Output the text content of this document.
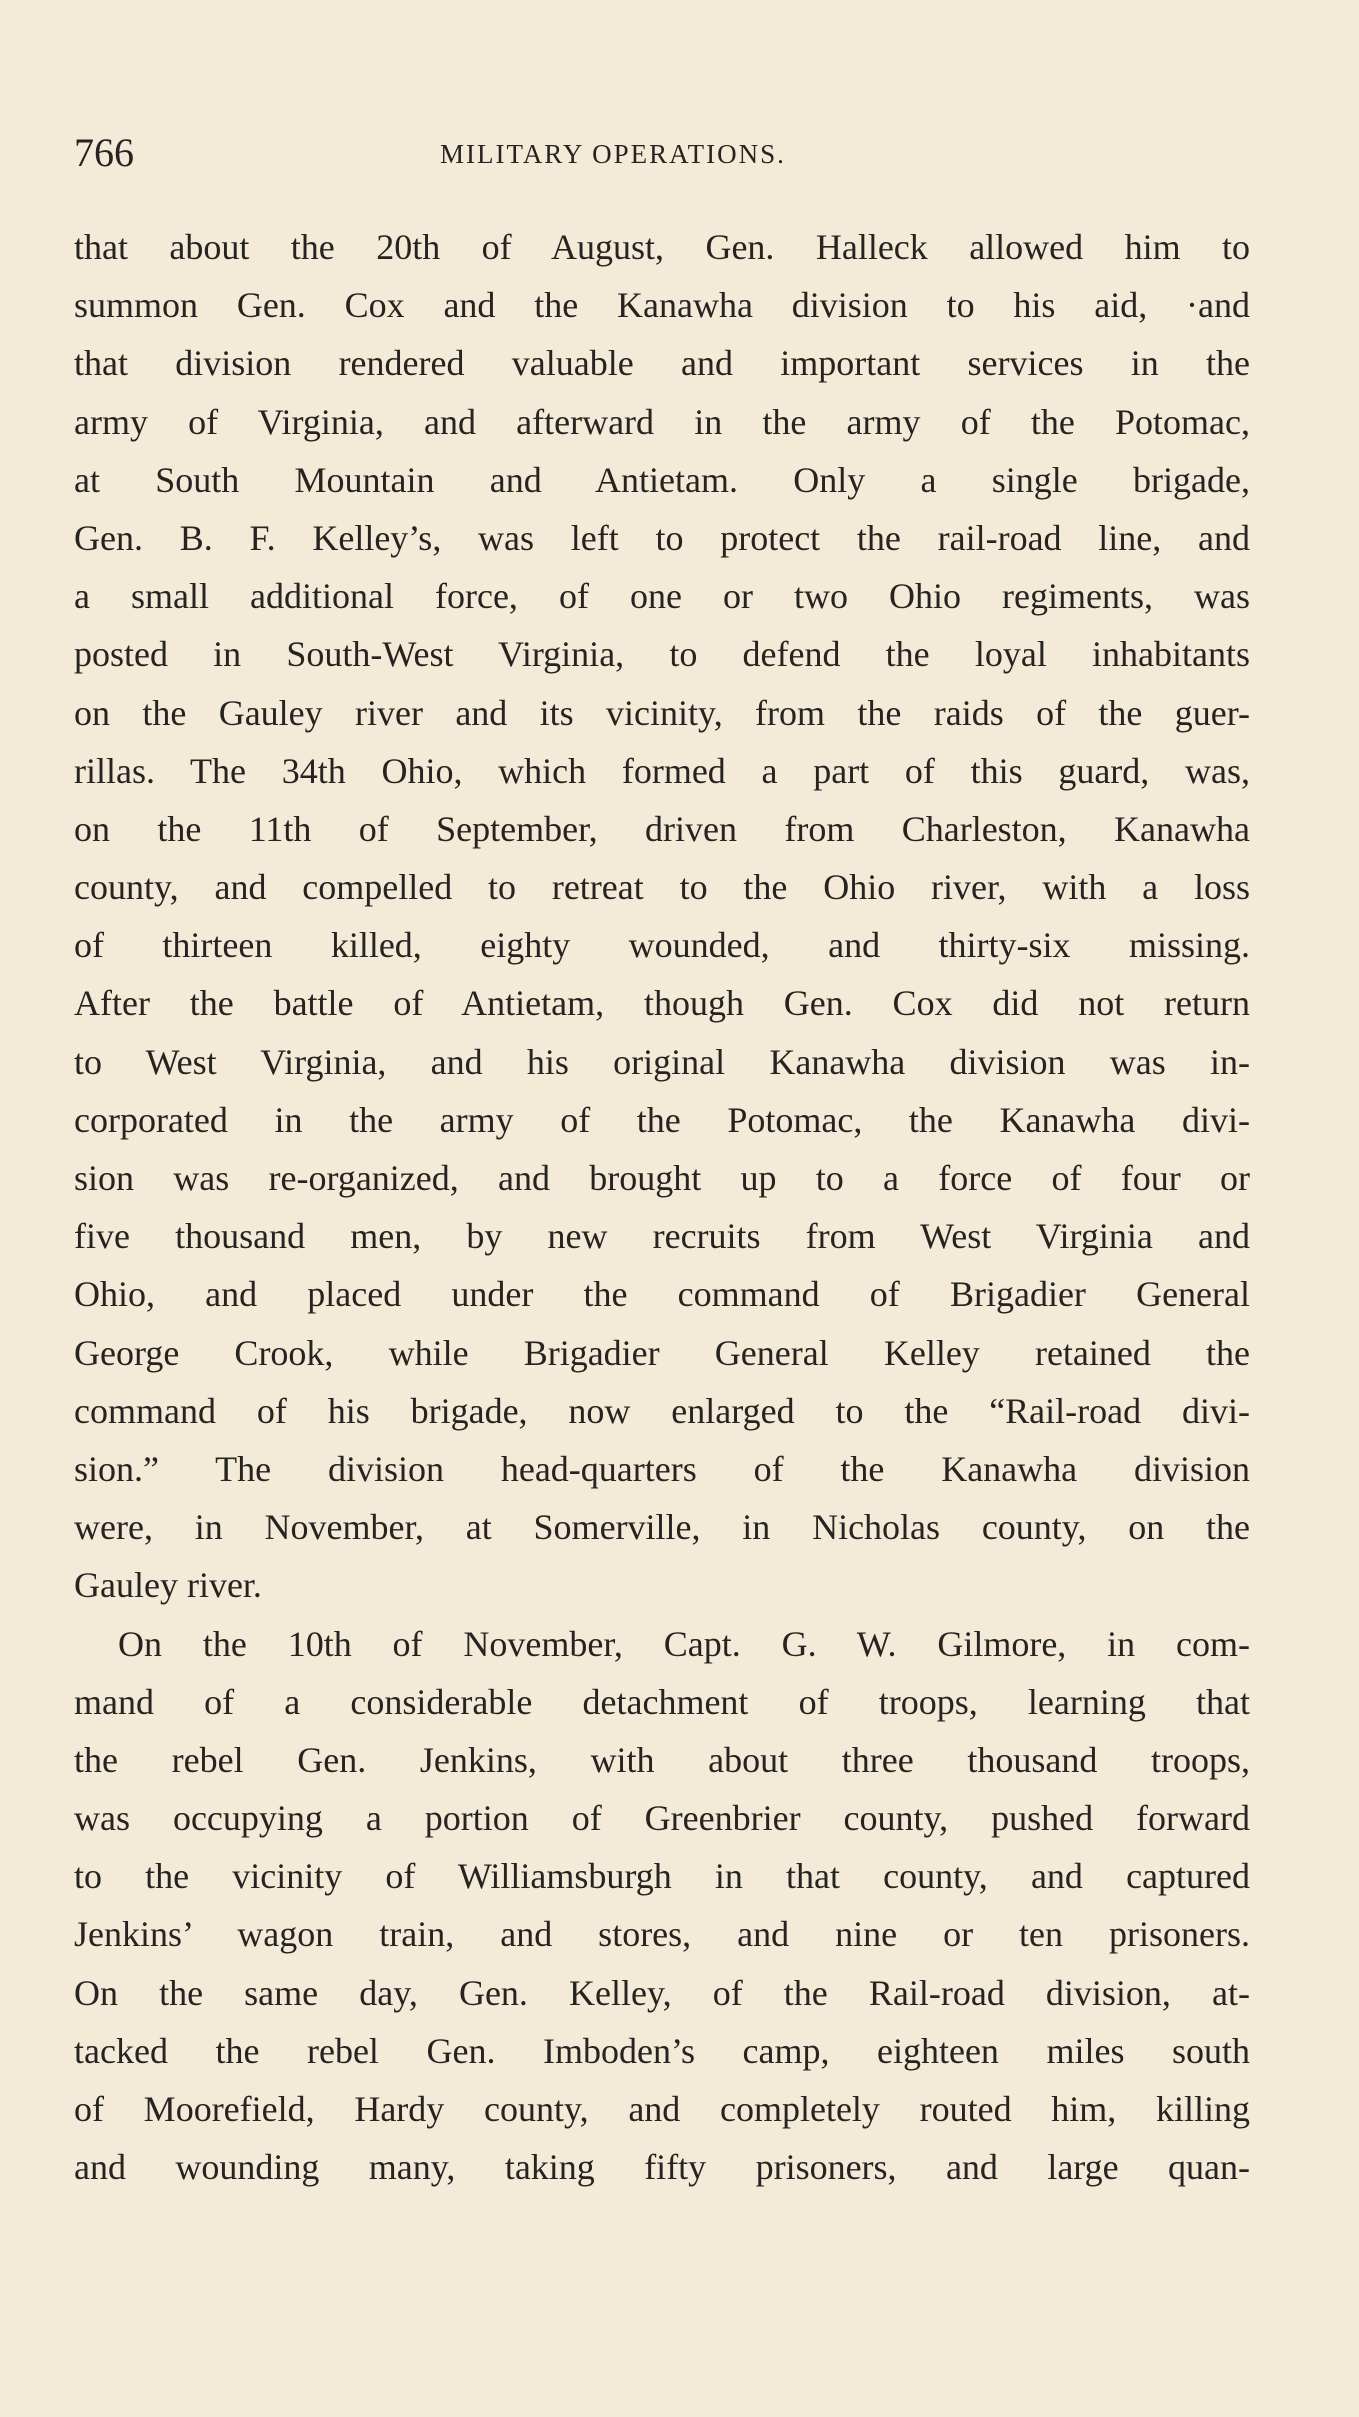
766	MILITARY OPERATIONS.
that about the 20th of August, Gen. Halleck allowed him to
summon Gen. Cox and the Kanawha division to his aid, ·and
that division rendered valuable and important services in the
army of Virginia, and afterward in the army of the Potomac,
at South Mountain and Antietam. Only a single brigade,
Gen. B. F. Kelley’s, was left to protect the rail-road line, and
a small additional force, of one or two Ohio regiments, was
posted in South-West Virginia, to defend the loyal inhabitants
on the Gauley river and its vicinity, from the raids of the guer-
rillas. The 34th Ohio, which formed a part of this guard, was,
on the 11th of September, driven from Charleston, Kanawha
county, and compelled to retreat to the Ohio river, with a loss
of thirteen killed, eighty wounded, and thirty-six missing.
After the battle of Antietam, though Gen. Cox did not return
to West Virginia, and his original Kanawha division was in-
corporated in the army of the Potomac, the Kanawha divi-
sion was re-organized, and brought up to a force of four or
five thousand men, by new recruits from West Virginia and
Ohio, and placed under the command of Brigadier General
George Crook, while Brigadier General Kelley retained the
command of his brigade, now enlarged to the “Rail-road divi-
sion.” The division head-quarters of the Kanawha division
were, in November, at Somerville, in Nicholas county, on the
Gauley river.
On the 10th of November, Capt. G. W. Gilmore, in com-
mand of a considerable detachment of troops, learning that
the rebel Gen. Jenkins, with about three thousand troops,
was occupying a portion of Greenbrier county, pushed forward
to the vicinity of Williamsburgh in that county, and captured
Jenkins’ wagon train, and stores, and nine or ten prisoners.
On the same day, Gen. Kelley, of the Rail-road division, at-
tacked the rebel Gen. Imboden’s camp, eighteen miles south
of Moorefield, Hardy county, and completely routed him, killing
and wounding many, taking fifty prisoners, and large quan-
